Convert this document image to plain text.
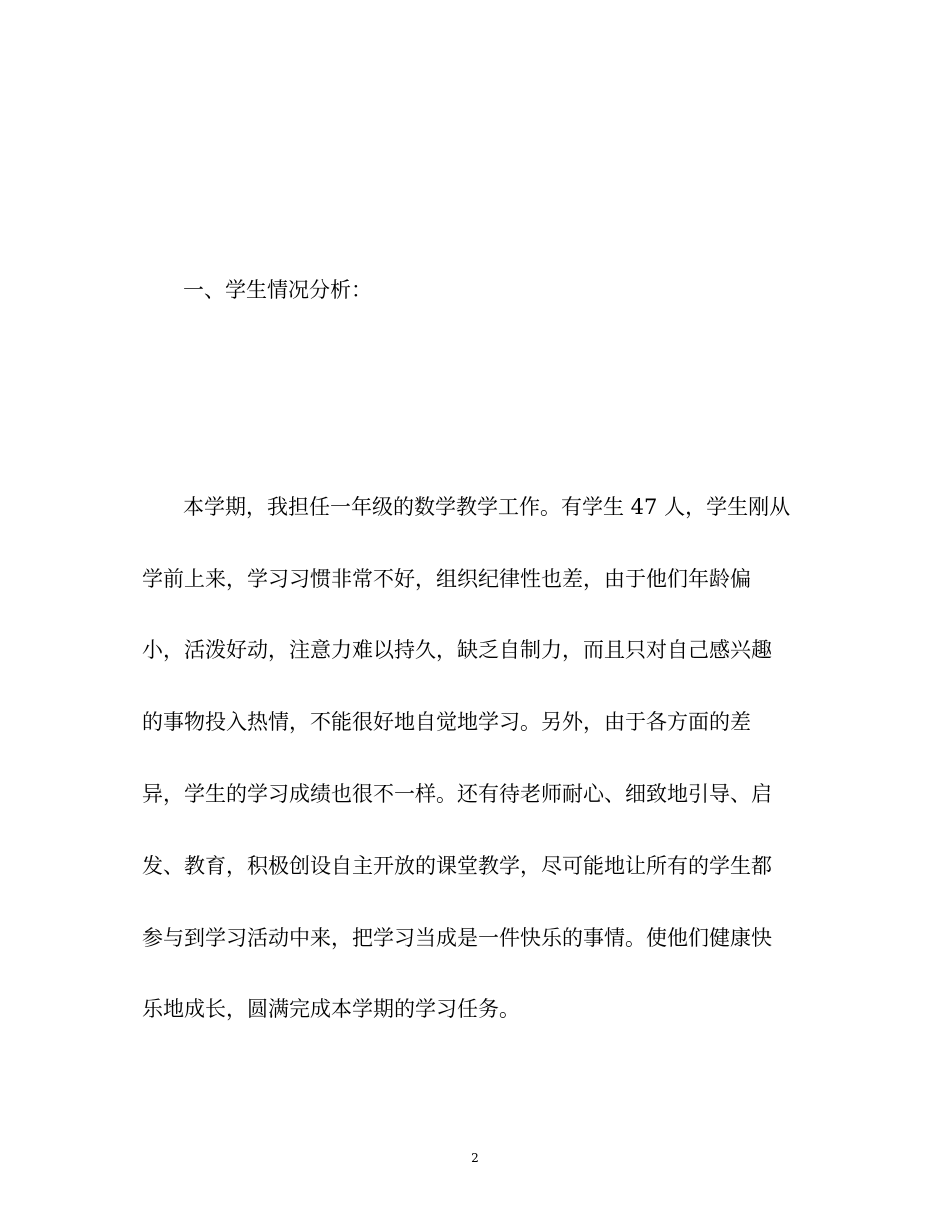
一、学生情况分析：

本学期，我担任一年级的数学教学工作。有学生 47 人，学生刚从

学前上来，学习习惯非常不好，组织纪律性也差，由于他们年龄偏

小，活泼好动，注意力难以持久，缺乏自制力，而且只对自己感兴趣

的事物投入热情，不能很好地自觉地学习。另外，由于各方面的差

异，学生的学习成绩也很不一样。还有待老师耐心、细致地引导、启

发、教育，积极创设自主开放的课堂教学，尽可能地让所有的学生都

参与到学习活动中来，把学习当成是一件快乐的事情。使他们健康快

乐地成长，圆满完成本学期的学习任务。

2
